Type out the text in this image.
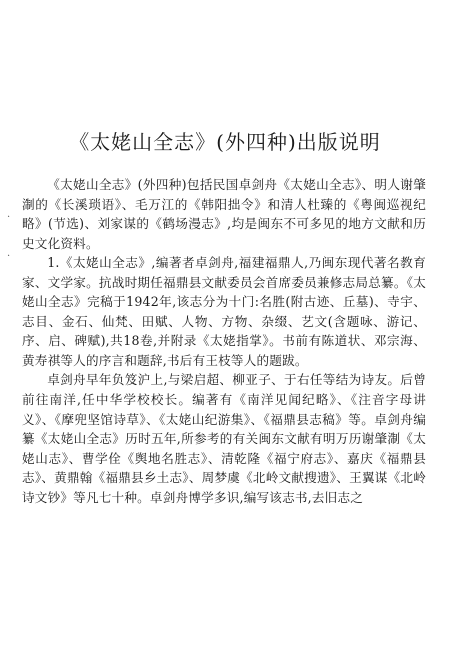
《太姥山全志》(外四种)出版说明
·
·

《太姥山全志》(外四种)包括民国卓剑舟《太姥山全志》、明人谢肇淛的《长溪琐语》、毛万江的《韩阳拙令》和清人杜臻的《粤闽巡视纪略》(节选)、刘家谋的《鹤场漫志》,均是闽东不可多见的地方文献和历史文化资料。

1.《太姥山全志》,编著者卓剑舟,福建福鼎人,乃闽东现代著名教育家、文学家。抗战时期任福鼎县文献委员会首席委员兼修志局总纂。《太姥山全志》完稿于1942年,该志分为十门:名胜(附古迹、丘墓)、寺宇、志目、金石、仙梵、田赋、人物、方物、杂缀、艺文(含题咏、游记、序、启、碑赋),共18卷,并附录《太姥指掌》。书前有陈道状、邓宗海、黄寿祺等人的序言和题辞,书后有王枝等人的题跋。

卓剑舟早年负笈沪上,与梁启超、柳亚子、于右任等结为诗友。后曾前往南洋,任中华学校校长。编著有《南洋见闻纪略》、《注音字母讲义》、《摩兜坚馆诗草》、《太姥山纪游集》、《福鼎县志稿》等。卓剑舟编纂《太姥山全志》历时五年,所参考的有关闽东文献有明万历谢肇淛《太姥山志》、曹学佺《舆地名胜志》、清乾隆《福宁府志》、嘉庆《福鼎县志》、黄鼎翰《福鼎县乡土志》、周梦虞《北岭文献搜遗》、王翼谋《北岭诗文钞》等凡七十种。卓剑舟博学多识,编写该志书,去旧志之
